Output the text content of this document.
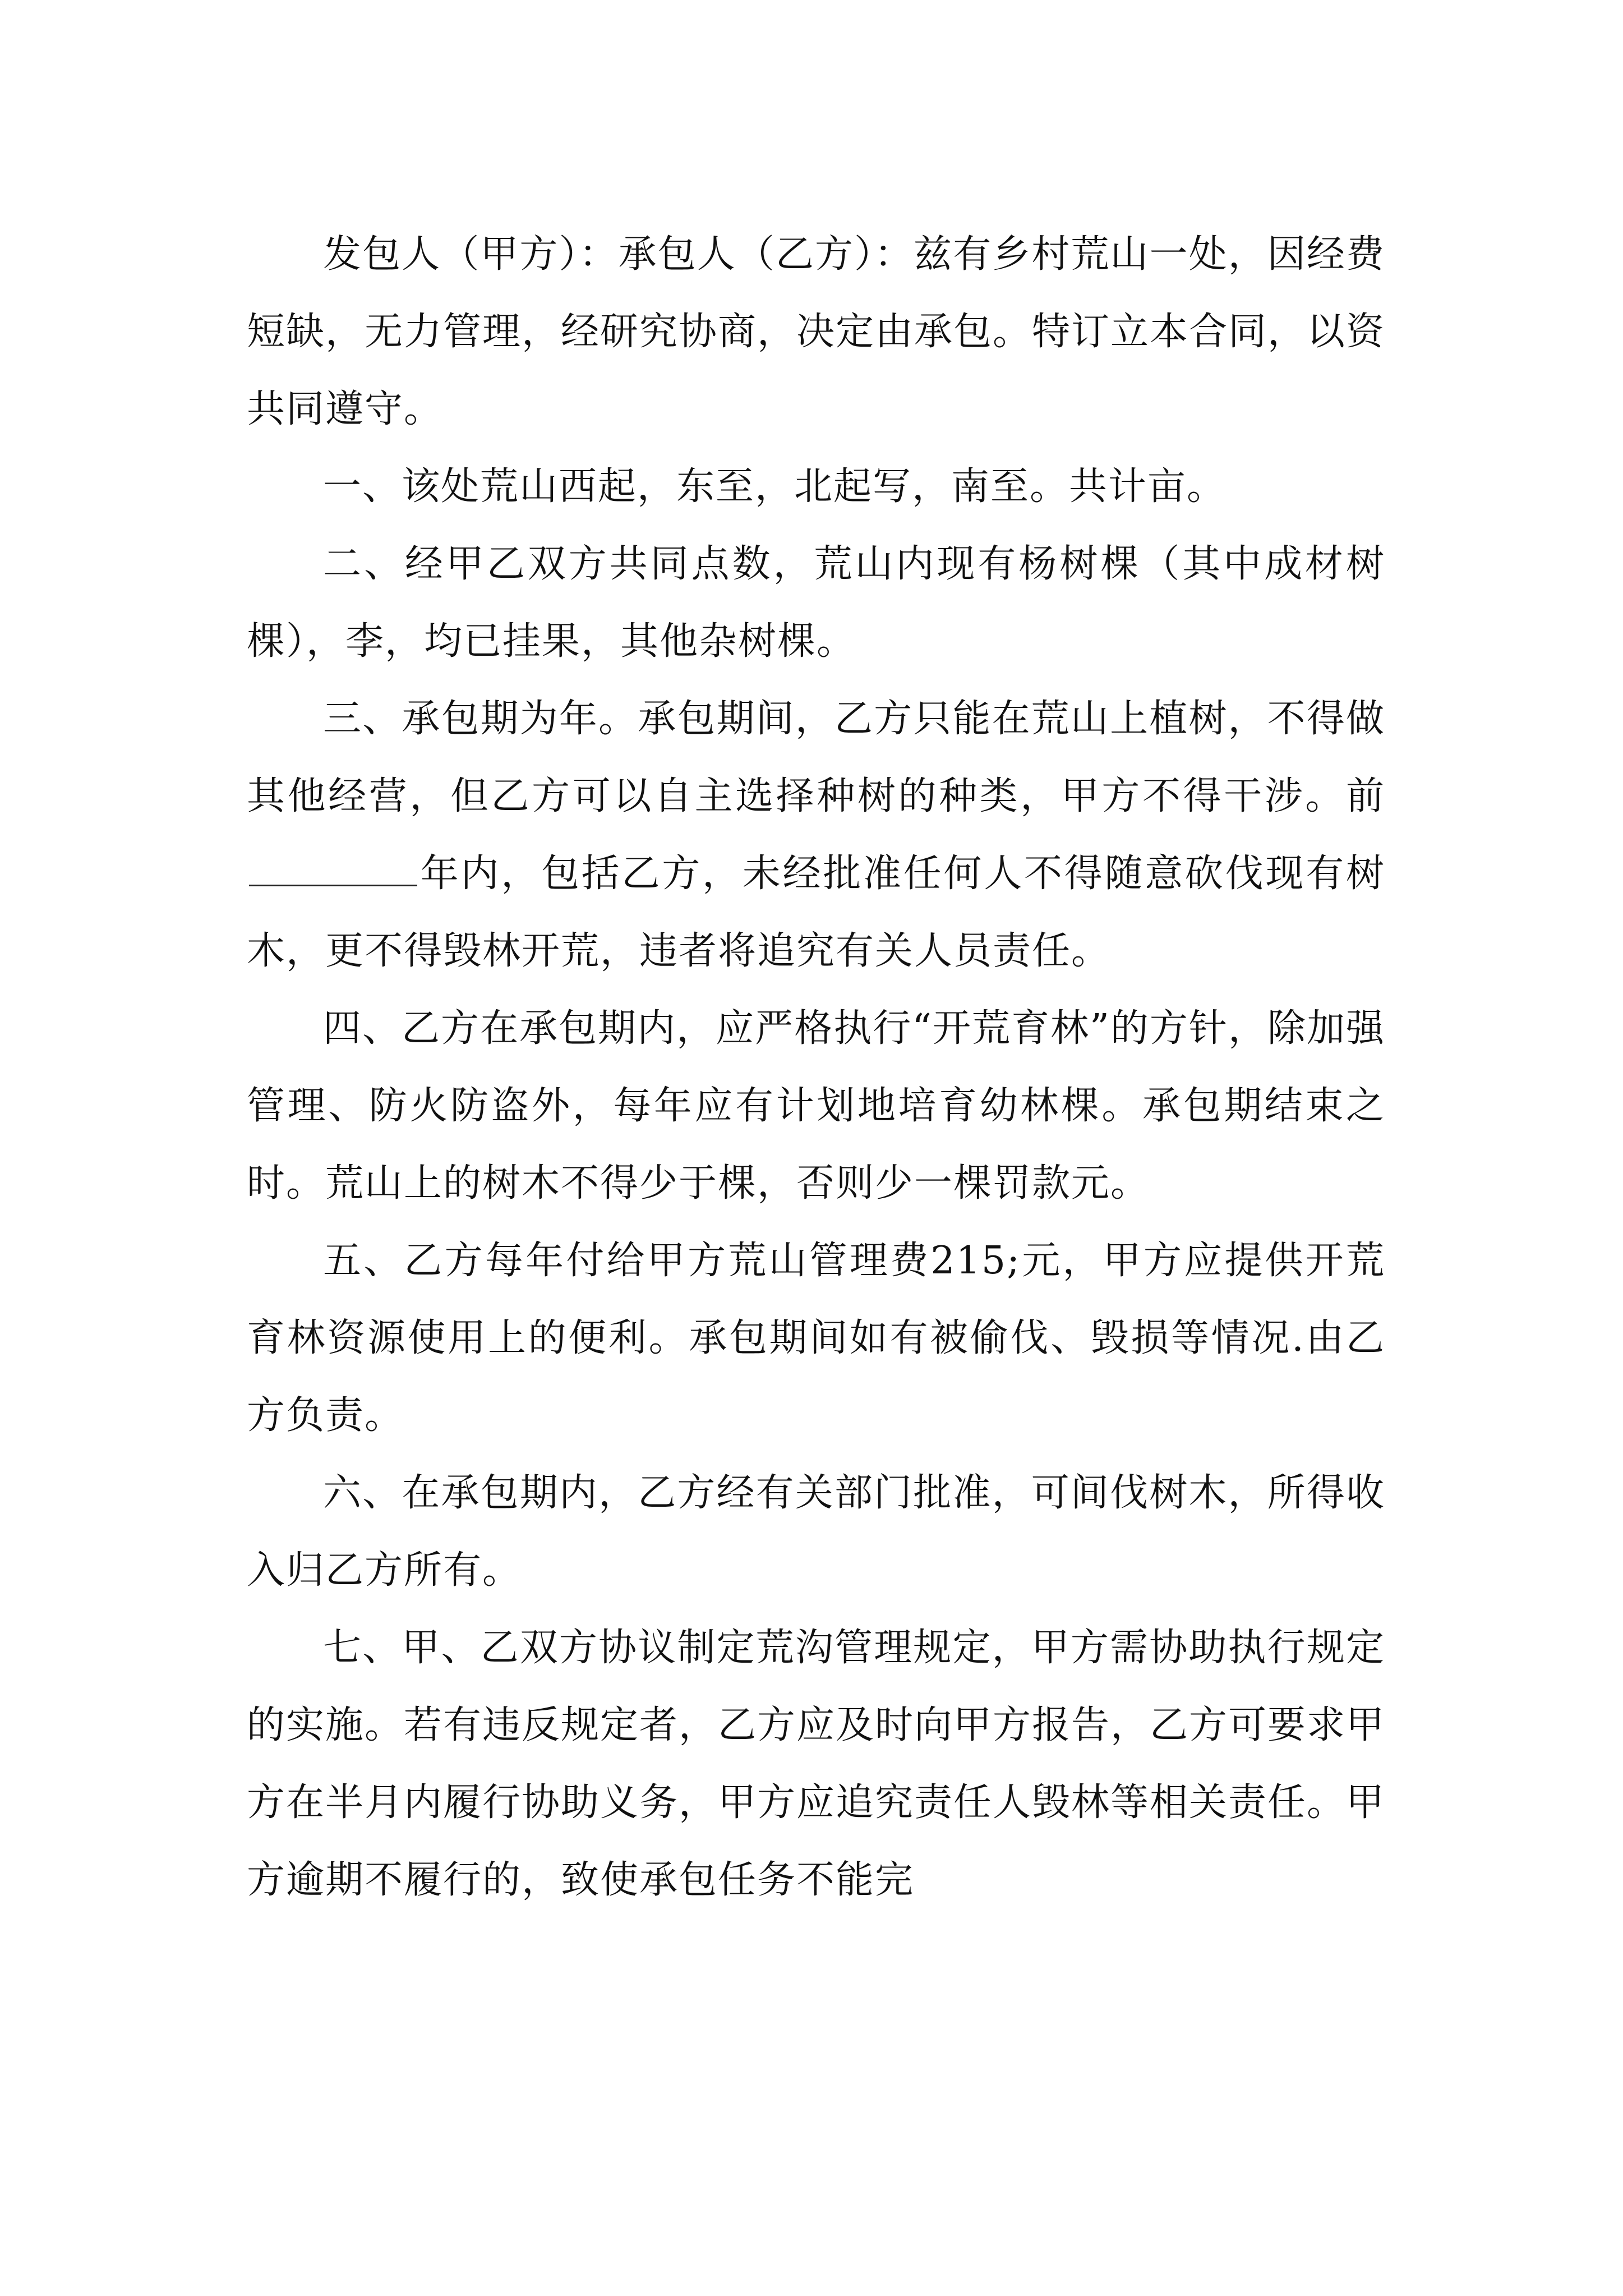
发包人（甲方）：承包人（乙方）：兹有乡村荒山一处，因经费短缺，无力管理，经研究协商，决定由承包。特订立本合同，以资共同遵守。

一、该处荒山西起，东至，北起写，南至。共计亩。

二、经甲乙双方共同点数，荒山内现有杨树棵（其中成材树棵），李，均已挂果，其他杂树棵。

三、承包期为年。承包期间，乙方只能在荒山上植树，不得做其他经营，但乙方可以自主选择种树的种类，甲方不得干涉。前年内，包括乙方，未经批准任何人不得随意砍伐现有树木，更不得毁林开荒，违者将追究有关人员责任。

四、乙方在承包期内，应严格执行“开荒育林”的方针，除加强管理、防火防盗外，每年应有计划地培育幼林棵。承包期结束之时。荒山上的树木不得少于棵，否则少一棵罚款元。

五、乙方每年付给甲方荒山管理费215;元，甲方应提供开荒育林资源使用上的便利。承包期间如有被偷伐、毁损等情况.由乙方负责。

六、在承包期内，乙方经有关部门批准，可间伐树木，所得收入归乙方所有。

七、甲、乙双方协议制定荒沟管理规定，甲方需协助执行规定的实施。若有违反规定者，乙方应及时向甲方报告，乙方可要求甲方在半月内履行协助义务，甲方应追究责任人毁林等相关责任。甲方逾期不履行的，致使承包任务不能完
